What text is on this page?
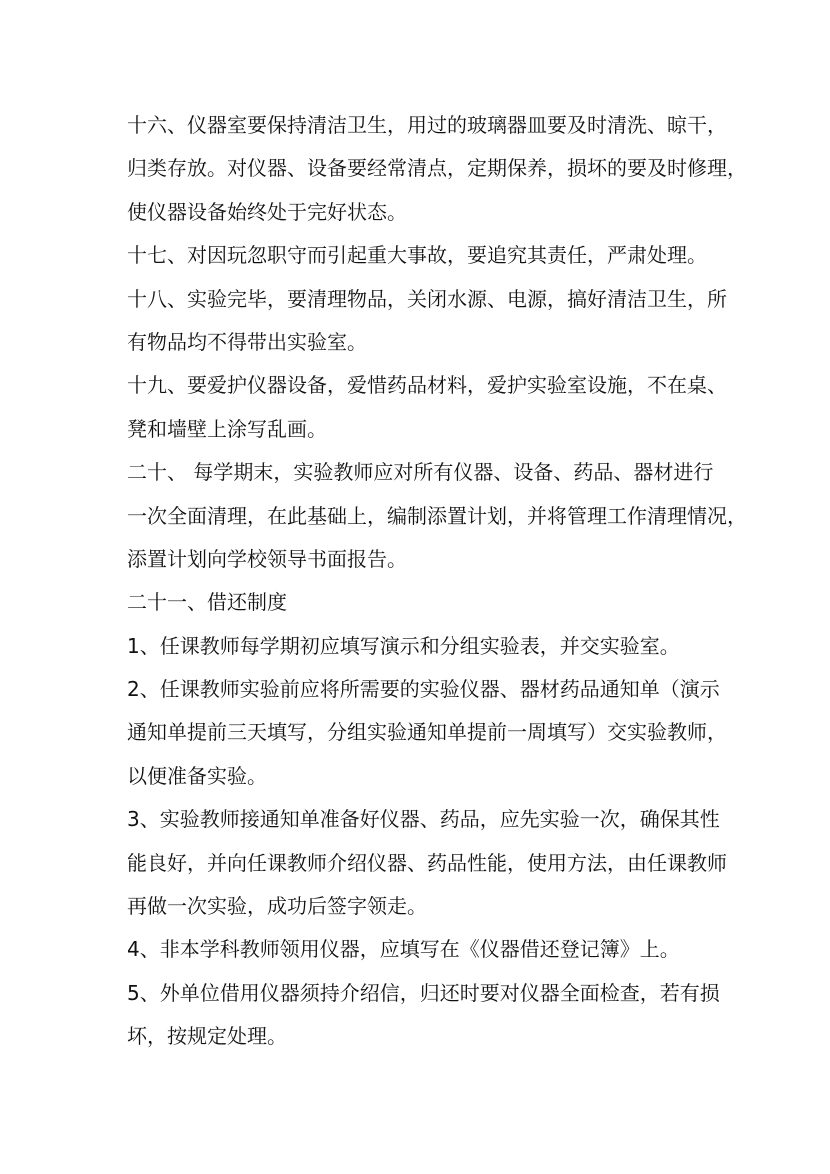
十六、仪器室要保持清洁卫生，用过的玻璃器皿要及时清洗、晾干，
归类存放。对仪器、设备要经常清点，定期保养，损坏的要及时修理，
使仪器设备始终处于完好状态。
十七、对因玩忽职守而引起重大事故，要追究其责任，严肃处理。
十八、实验完毕，要清理物品，关闭水源、电源，搞好清洁卫生，所
有物品均不得带出实验室。
十九、要爱护仪器设备，爱惜药品材料，爱护实验室设施，不在桌、
凳和墙壁上涂写乱画。
二十、 每学期末，实验教师应对所有仪器、设备、药品、器材进行
一次全面清理，在此基础上，编制添置计划，并将管理工作清理情况，
添置计划向学校领导书面报告。
二十一、借还制度
1、任课教师每学期初应填写演示和分组实验表，并交实验室。
2、任课教师实验前应将所需要的实验仪器、器材药品通知单（演示
通知单提前三天填写，分组实验通知单提前一周填写）交实验教师，
以便准备实验。
3、实验教师接通知单准备好仪器、药品，应先实验一次，确保其性
能良好，并向任课教师介绍仪器、药品性能，使用方法，由任课教师
再做一次实验，成功后签字领走。
4、非本学科教师领用仪器，应填写在《仪器借还登记簿》上。
5、外单位借用仪器须持介绍信，归还时要对仪器全面检查，若有损
坏，按规定处理。
